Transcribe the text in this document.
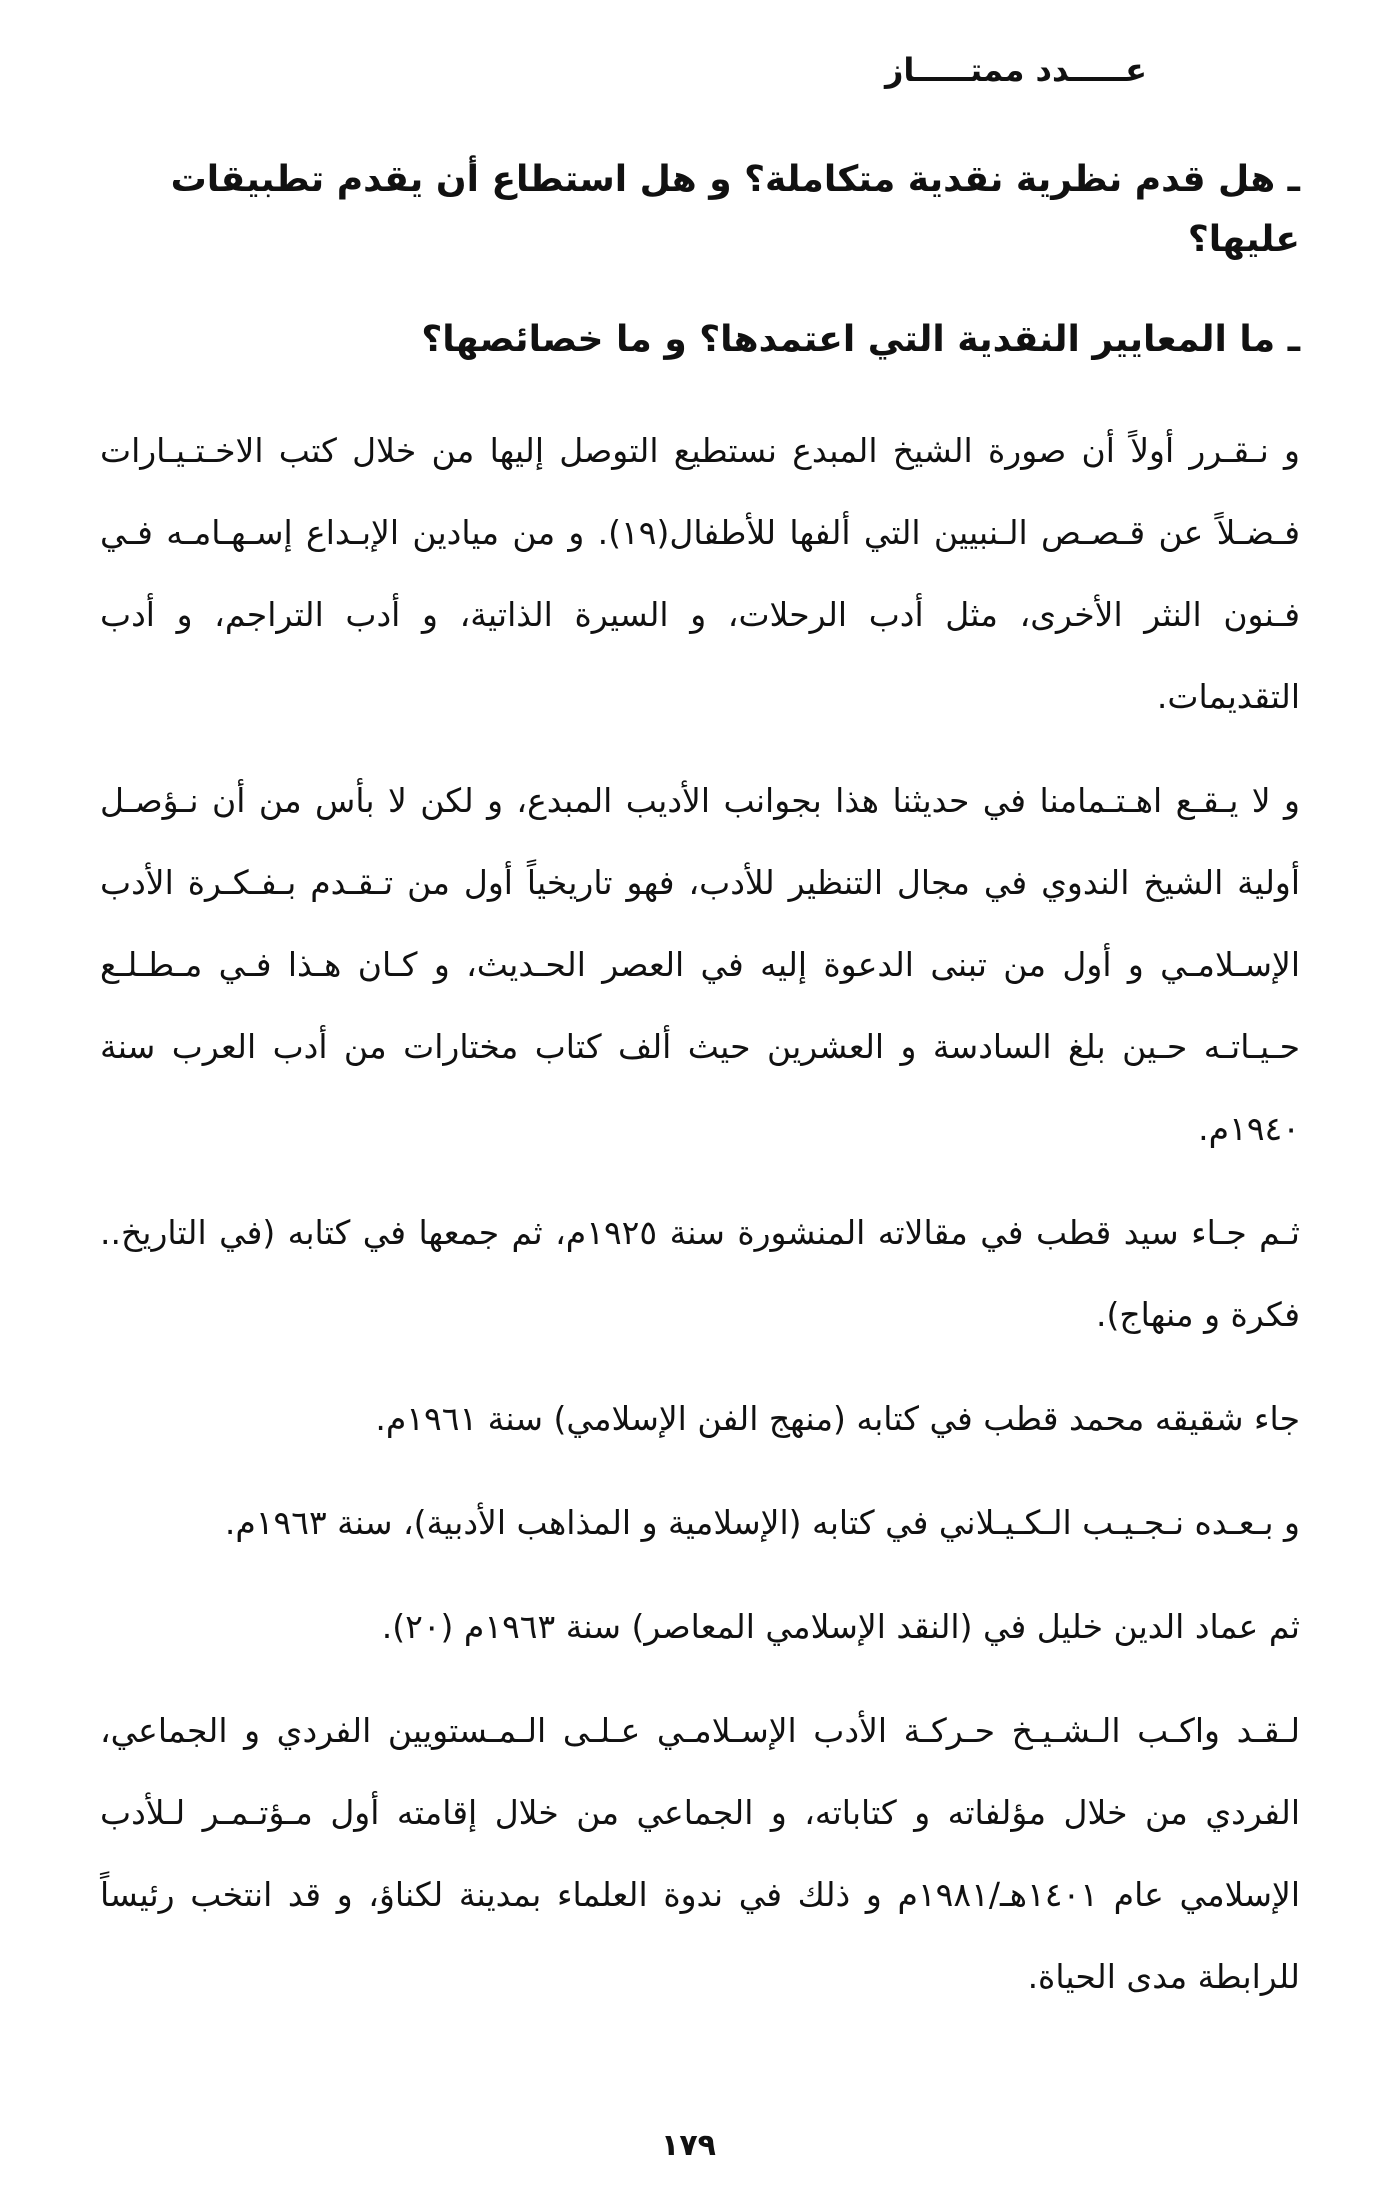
عـــــدد ممتـــــاز
ـ هل قدم نظرية نقدية متكاملة؟ و هل استطاع أن يقدم تطبيقات عليها؟
ـ ما المعايير النقدية التي اعتمدها؟ و ما خصائصها؟

و نـقـرر أولاً أن صورة الشيخ المبدع نستطيع التوصل إليها من خلال كتب الاخـتـيـارات فـضـلاً عن قـصـص الـنبيين التي ألفها للأطفال(١٩). و من ميادين الإبـداع إسـهـامـه فـي فـنون النثر الأخرى، مثل أدب الرحلات، و السيرة الذاتية، و أدب التراجم، و أدب التقديمات.

و لا يـقـع اهـتـمامنا في حديثنا هذا بجوانب الأديب المبدع، و لكن لا بأس من أن نـؤصـل أولية الشيخ الندوي في مجال التنظير للأدب، فهو تاريخياً أول من تـقـدم بـفـكـرة الأدب الإسـلامـي و أول من تبنى الدعوة إليه في العصر الحـديث، و كـان هـذا فـي مـطـلـع حـيـاتـه حـين بلغ السادسة و العشرين حيث ألف كتاب مختارات من أدب العرب سنة ١٩٤٠م.

ثـم جـاء سيد قطب في مقالاته المنشورة سنة ١٩٢٥م، ثم جمعها في كتابه (في التاريخ.. فكرة و منهاج).

جاء شقيقه محمد قطب في كتابه (منهج الفن الإسلامي) سنة ١٩٦١م.

و بـعـده نـجـيـب الـكـيـلاني في كتابه (الإسلامية و المذاهب الأدبية)، سنة ١٩٦٣م.

ثم عماد الدين خليل في (النقد الإسلامي المعاصر) سنة ١٩٦٣م (٢٠).

لـقـد واكـب الـشـيـخ حـركـة الأدب الإسـلامـي عـلـى الـمـستويين الفردي و الجماعي، الفردي من خلال مؤلفاته و كتاباته، و الجماعي من خلال إقامته أول مـؤتـمـر لـلأدب الإسلامي عام ١٤٠١هـ/١٩٨١م و ذلك في ندوة العلماء بمدينة لكناؤ، و قد انتخب رئيساً للرابطة مدى الحياة.

١٧٩
